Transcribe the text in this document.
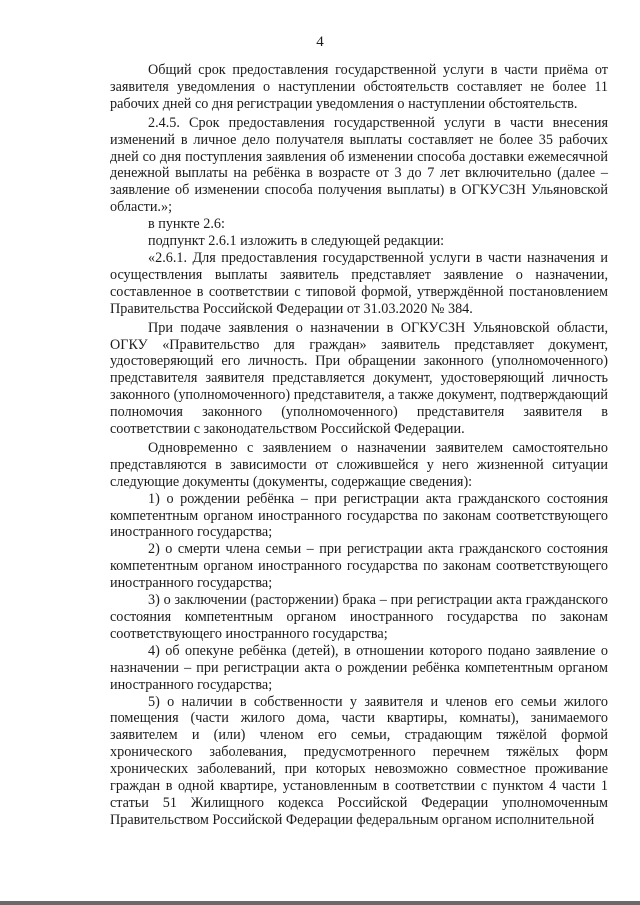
4

Общий срок предоставления государственной услуги в части приёма от заявителя уведомления о наступлении обстоятельств составляет не более 11 рабочих дней со дня регистрации уведомления о наступлении обстоятельств.

2.4.5. Срок предоставления государственной услуги в части внесения изменений в личное дело получателя выплаты составляет не более 35 рабочих дней со дня поступления заявления об изменении способа доставки ежемесячной денежной выплаты на ребёнка в возрасте от 3 до 7 лет включительно (далее – заявление об изменении способа получения выплаты) в ОГКУСЗН Ульяновской области.»;

в пункте 2.6:

подпункт 2.6.1 изложить в следующей редакции:

«2.6.1. Для предоставления государственной услуги в части назначения и осуществления выплаты заявитель представляет заявление о назначении, составленное в соответствии с типовой формой, утверждённой постановлением Правительства Российской Федерации от 31.03.2020 № 384.

При подаче заявления о назначении в ОГКУСЗН Ульяновской области, ОГКУ «Правительство для граждан» заявитель представляет документ, удостоверяющий его личность. При обращении законного (уполномоченного) представителя заявителя представляется документ, удостоверяющий личность законного (уполномоченного) представителя, а также документ, подтверждающий полномочия законного (уполномоченного) представителя заявителя в соответствии с законодательством Российской Федерации.

Одновременно с заявлением о назначении заявителем самостоятельно представляются в зависимости от сложившейся у него жизненной ситуации следующие документы (документы, содержащие сведения):

1) о рождении ребёнка – при регистрации акта гражданского состояния компетентным органом иностранного государства по законам соответствующего иностранного государства;

2) о смерти члена семьи – при регистрации акта гражданского состояния компетентным органом иностранного государства по законам соответствующего иностранного государства;

3) о заключении (расторжении) брака – при регистрации акта гражданского состояния компетентным органом иностранного государства по законам соответствующего иностранного государства;

4) об опекуне ребёнка (детей), в отношении которого подано заявление о назначении – при регистрации акта о рождении ребёнка компетентным органом иностранного государства;

5) о наличии в собственности у заявителя и членов его семьи жилого помещения (части жилого дома, части квартиры, комнаты), занимаемого заявителем и (или) членом его семьи, страдающим тяжёлой формой хронического заболевания, предусмотренного перечнем тяжёлых форм хронических заболеваний, при которых невозможно совместное проживание граждан в одной квартире, установленным в соответствии с пунктом 4 части 1 статьи 51 Жилищного кодекса Российской Федерации уполномоченным Правительством Российской Федерации федеральным органом исполнительной
